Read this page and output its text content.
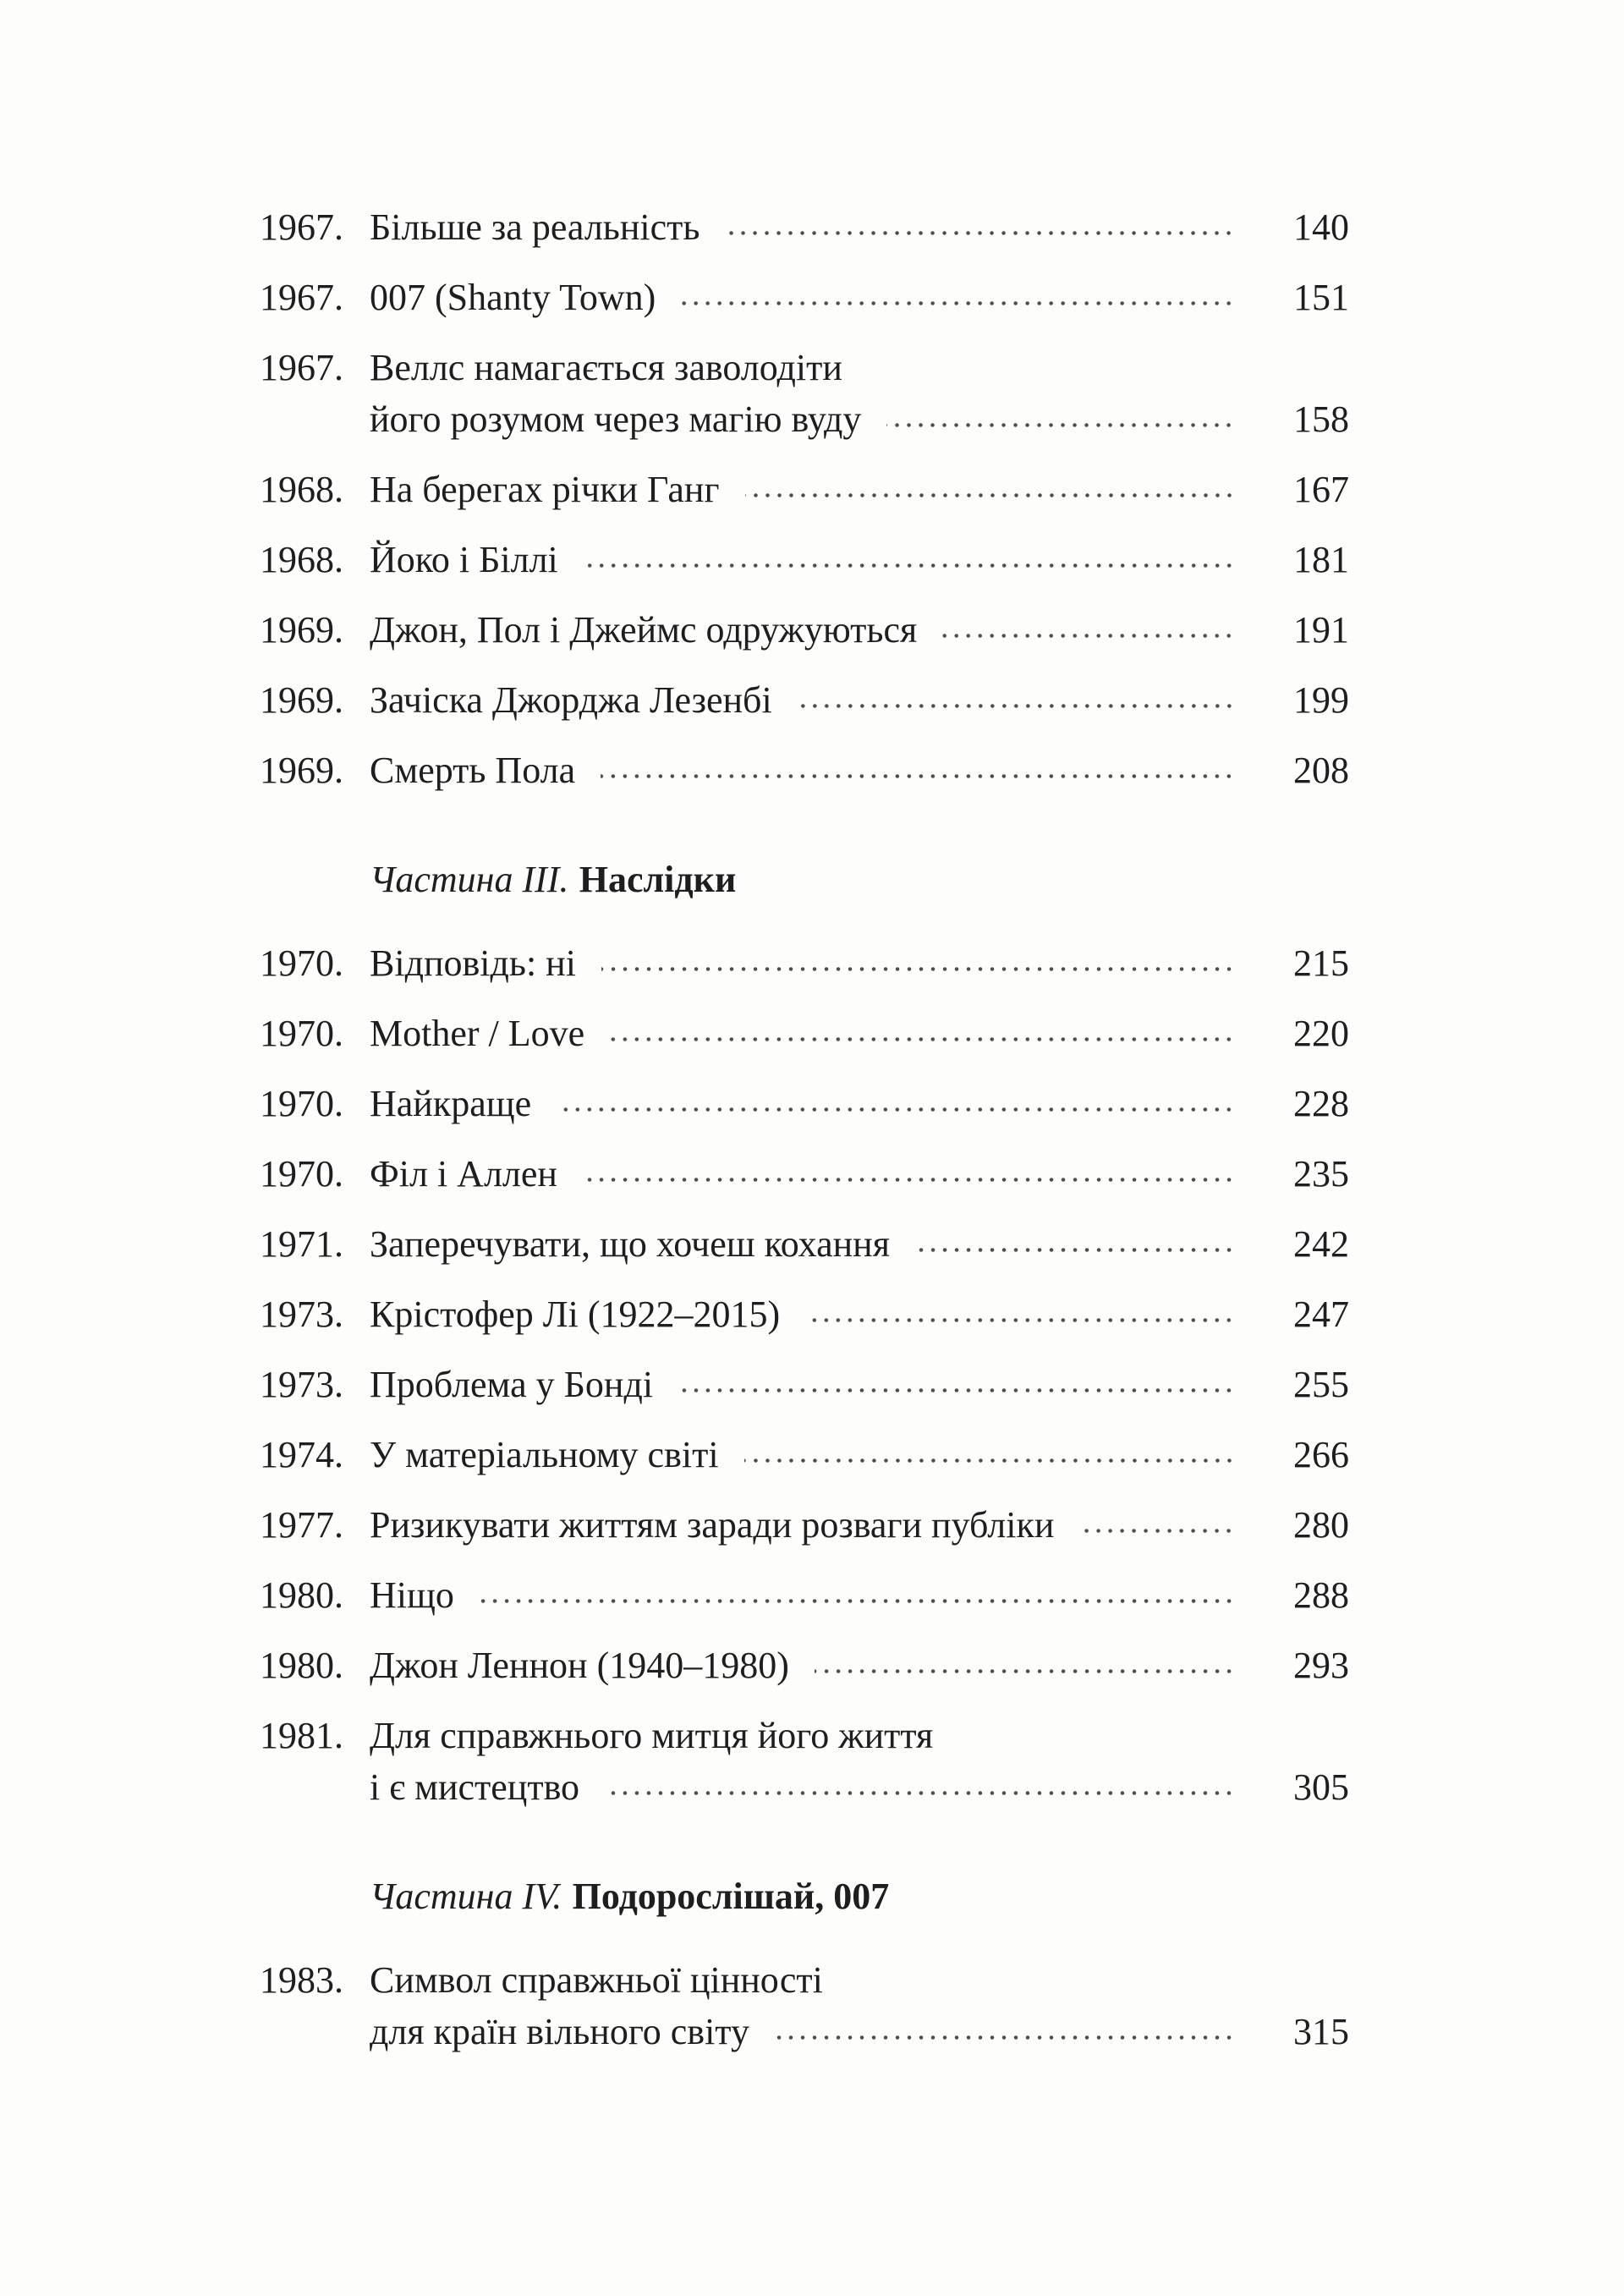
1967. Більше за реальність	140
1967. 007 (Shanty Town)	151
1967. Веллс намагається заволодіти
його розумом через магію вуду	158
1968. На берегах річки Ганг	167
1968. Йоко і Біллі	181
1969. Джон, Пол і Джеймс одружуються	191
1969. Зачіска Джорджа Лезенбі	199
1969. Смерть Пола	208
Частина III. Наслідки
1970. Відповідь: ні	215
1970. Mother / Love	220
1970. Найкраще	228
1970. Філ і Аллен	235
1971. Заперечувати, що хочеш кохання	242
1973. Крістофер Лі (1922–2015)	247
1973. Проблема у Бонді	255
1974. У матеріальному світі	266
1977. Ризикувати життям заради розваги публіки	280
1980. Ніщо	288
1980. Джон Леннон (1940–1980)	293
1981. Для справжнього митця його життя
і є мистецтво	305
Частина IV. Подорослішай, 007
1983. Символ справжньої цінності
для країн вільного світу	315
